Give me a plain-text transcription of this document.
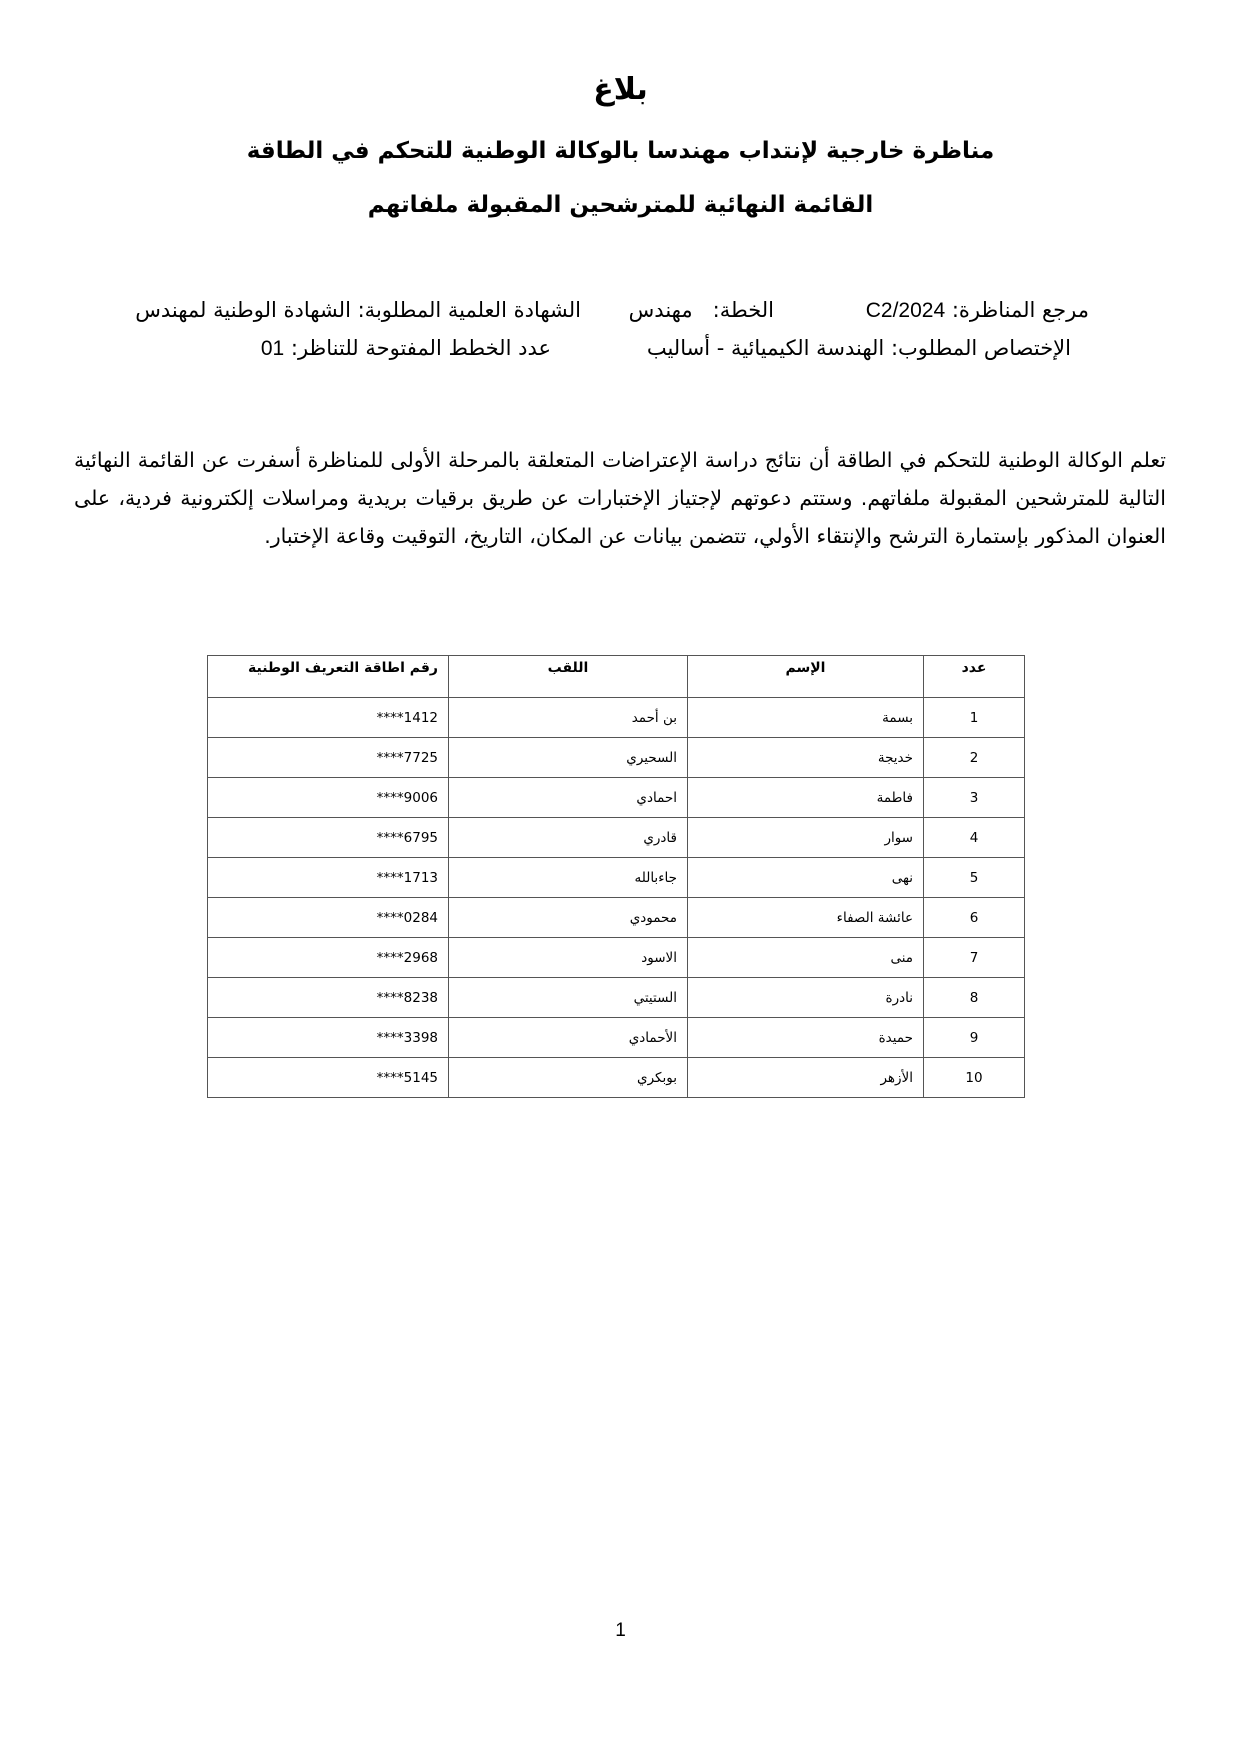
بلاغ
مناظرة خارجية لإنتداب مهندسا بالوكالة الوطنية للتحكم في الطاقة
القائمة النهائية للمترشحين المقبولة ملفاتهم
مرجع المناظرة: C2/2024
الخطة:   مهندس
الشهادة العلمية المطلوبة: الشهادة الوطنية لمهندس
الإختصاص المطلوب: الهندسة الكيميائية - أساليب
عدد الخطط المفتوحة للتناظر: 01
تعلم الوكالة الوطنية للتحكم في الطاقة أن نتائج دراسة الإعتراضات المتعلقة بالمرحلة الأولى للمناظرة أسفرت عن القائمة النهائية التالية للمترشحين المقبولة ملفاتهم. وستتم دعوتهم لإجتياز الإختبارات عن طريق برقيات بريدية ومراسلات إلكترونية فردية، على العنوان المذكور بإستمارة الترشح والإنتقاء الأولي، تتضمن بيانات عن المكان، التاريخ، التوقيت وقاعة الإختبار.
عدد	الإسم	اللقب	رقم اطاقة التعريف الوطنية
1	بسمة	بن أحمد	1412****
2	خديجة	السحيري	7725****
3	فاطمة	احمادي	9006****
4	سوار	قادري	6795****
5	نهى	جاءبالله	1713****
6	عائشة الصفاء	محمودي	0284****
7	منى	الاسود	2968****
8	نادرة	الستيتي	8238****
9	حميدة	الأحمادي	3398****
10	الأزهر	بوبكري	5145****
1
